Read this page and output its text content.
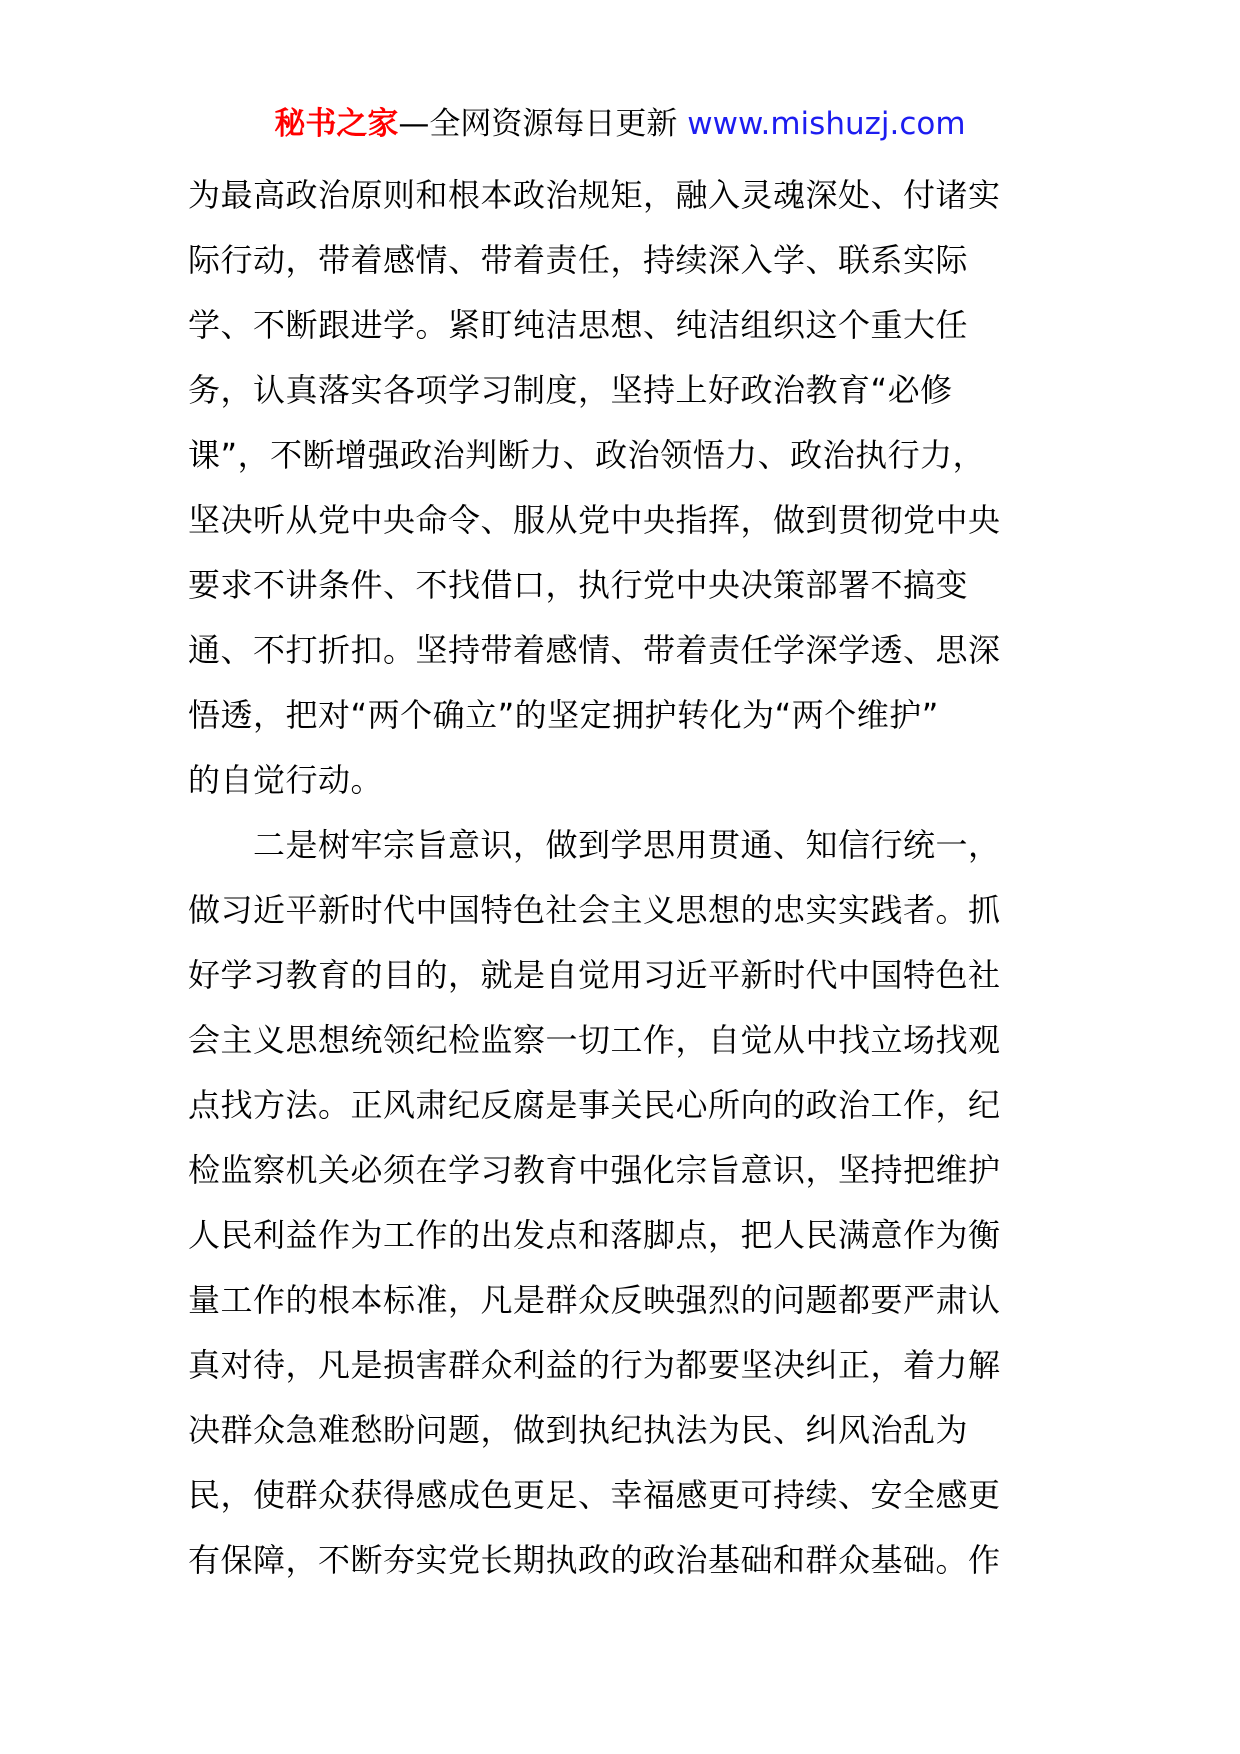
秘书之家—全网资源每日更新 www.mishuzj.com
为最高政治原则和根本政治规矩，融入灵魂深处、付诸实
际行动，带着感情、带着责任，持续深入学、联系实际
学、不断跟进学。紧盯纯洁思想、纯洁组织这个重大任
务，认真落实各项学习制度，坚持上好政治教育“必修
课”，不断增强政治判断力、政治领悟力、政治执行力，
坚决听从党中央命令、服从党中央指挥，做到贯彻党中央
要求不讲条件、不找借口，执行党中央决策部署不搞变
通、不打折扣。坚持带着感情、带着责任学深学透、思深
悟透，把对“两个确立”的坚定拥护转化为“两个维护”
的自觉行动。
　　二是树牢宗旨意识，做到学思用贯通、知信行统一，
做习近平新时代中国特色社会主义思想的忠实实践者。抓
好学习教育的目的，就是自觉用习近平新时代中国特色社
会主义思想统领纪检监察一切工作，自觉从中找立场找观
点找方法。正风肃纪反腐是事关民心所向的政治工作，纪
检监察机关必须在学习教育中强化宗旨意识，坚持把维护
人民利益作为工作的出发点和落脚点，把人民满意作为衡
量工作的根本标准，凡是群众反映强烈的问题都要严肃认
真对待，凡是损害群众利益的行为都要坚决纠正，着力解
决群众急难愁盼问题，做到执纪执法为民、纠风治乱为
民，使群众获得感成色更足、幸福感更可持续、安全感更
有保障，不断夯实党长期执政的政治基础和群众基础。作
